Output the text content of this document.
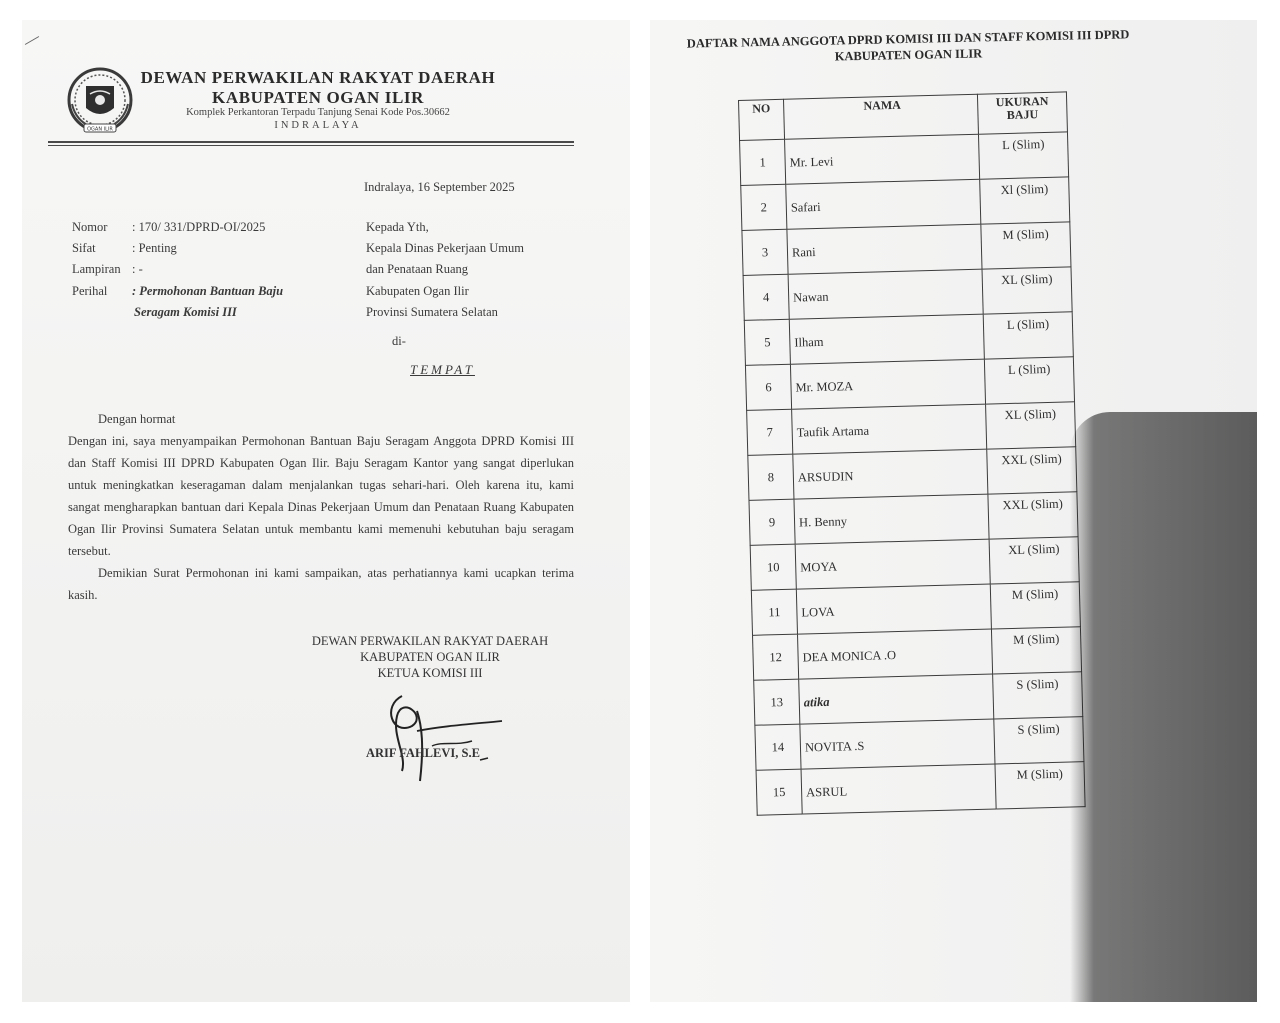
OGAN ILIR
DEWAN PERWAKILAN RAKYAT DAERAH
KABUPATEN OGAN ILIR
Komplek Perkantoran Terpadu Tanjung Senai Kode Pos.30662
INDRALAYA
Indralaya, 16 September 2025
Nomor	: 170/ 331/DPRD-OI/2025
Sifat	: Penting
Lampiran : -
Perihal	: Permohonan Bantuan Baju
Seragam Komisi III
Kepada Yth,
Kepala Dinas Pekerjaan Umum
dan Penataan Ruang
Kabupaten Ogan Ilir
Provinsi Sumatera Selatan
di-
TEMPAT

Dengan hormat

Dengan ini, saya menyampaikan Permohonan Bantuan Baju Seragam Anggota DPRD Komisi III dan Staff Komisi III DPRD Kabupaten Ogan Ilir. Baju Seragam Kantor yang sangat diperlukan untuk meningkatkan keseragaman dalam menjalankan tugas sehari-hari. Oleh karena itu, kami sangat mengharapkan bantuan dari Kepala Dinas Pekerjaan Umum dan Penataan Ruang Kabupaten Ogan Ilir Provinsi Sumatera Selatan untuk membantu kami memenuhi kebutuhan baju seragam tersebut.

Demikian Surat Permohonan ini kami sampaikan, atas perhatiannya kami ucapkan terima kasih.

DEWAN PERWAKILAN RAKYAT DAERAH
KABUPATEN OGAN ILIR
KETUA KOMISI III
ARIF FAHLEVI, S.E
DAFTAR NAMA ANGGOTA DPRD KOMISI III DAN STAFF KOMISI III DPRD
KABUPATEN OGAN ILIR
NO	NAMA	UKURAN
BAJU

1	Mr. Levi	L (Slim)
2	Safari	Xl (Slim)
3	Rani	M (Slim)
4	Nawan	XL (Slim)
5	Ilham	L (Slim)
6	Mr. MOZA	L (Slim)
7	Taufik Artama	XL (Slim)
8	ARSUDIN	XXL (Slim)
9	H. Benny	XXL (Slim)
10	MOYA	XL (Slim)
11	LOVA	M (Slim)
12	DEA MONICA .O	M (Slim)
13	atika	S (Slim)
14	NOVITA .S	S (Slim)
15	ASRUL	M (Slim)
